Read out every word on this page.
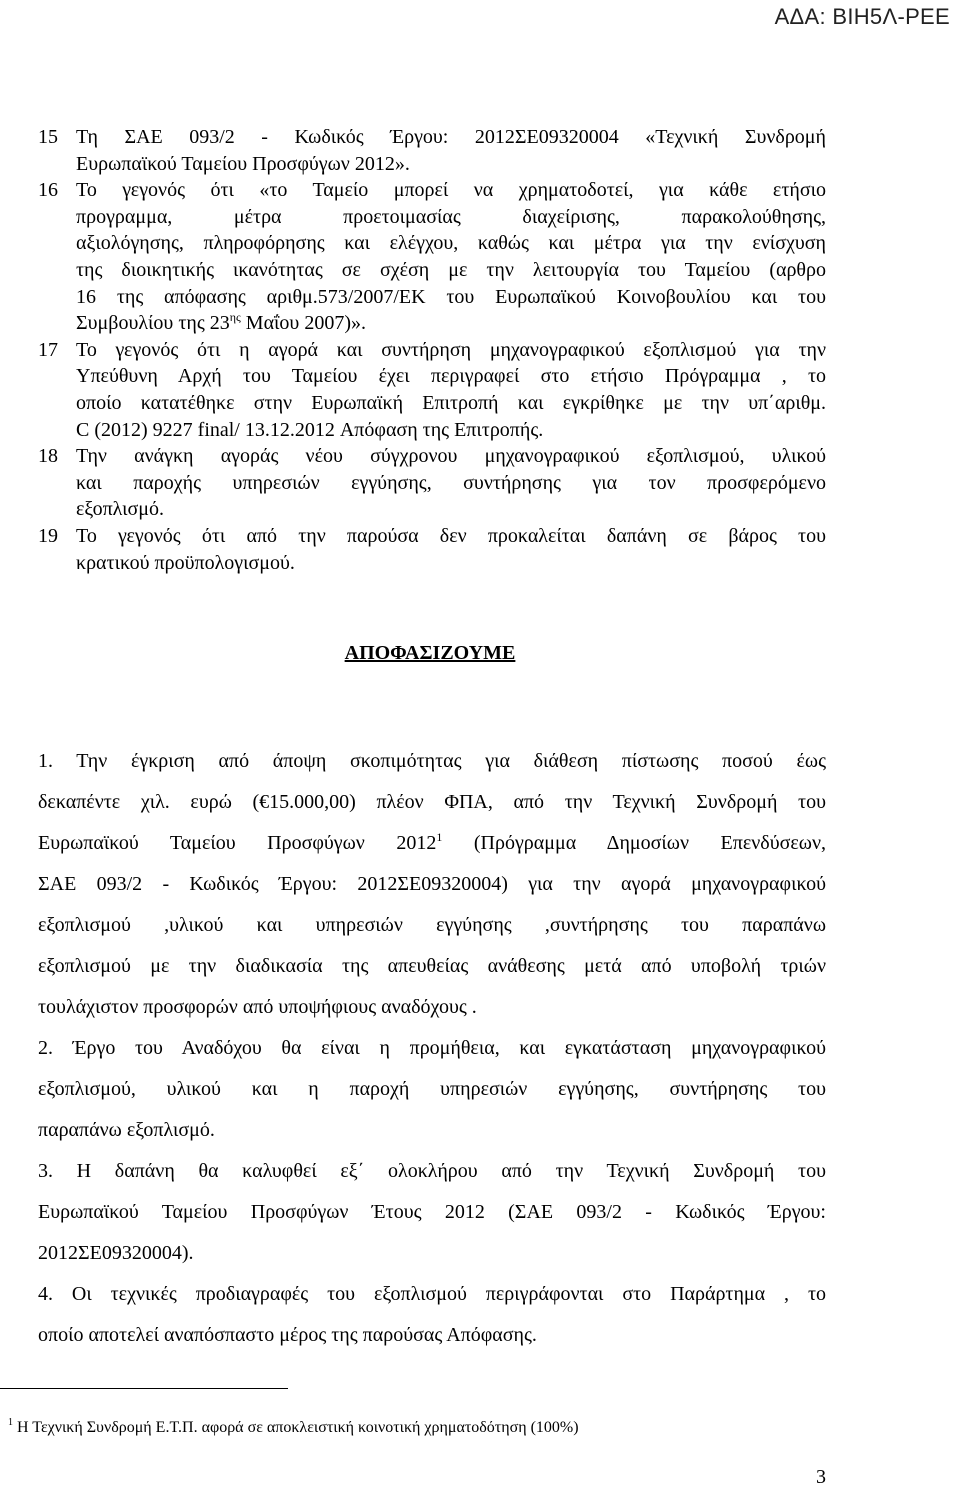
ΑΔΑ: ΒΙΗ5Λ-ΡΕΕ
15 Τη ΣΑΕ 093/2 - Κωδικός Έργου: 2012ΣΕ09320004 «Τεχνική Συνδρομή
Ευρωπαϊκού Ταμείου Προσφύγων 2012».
16 Το γεγονός ότι «το Ταμείο μπορεί να χρηματοδοτεί, για κάθε ετήσιο
προγραμμα, μέτρα προετοιμασίας διαχείρισης, παρακολούθησης,
αξιολόγησης, πληροφόρησης και ελέγχου, καθώς και μέτρα για την ενίσχυση
της διοικητικής ικανότητας σε σχέση με την λειτουργία του Ταμείου (αρθρο
16 της απόφασης αριθμ.573/2007/ΕΚ του Ευρωπαϊκού Κοινοβουλίου και του
Συμβουλίου της $23^{\eta\varsigma}$ Μαΐου 2007)».
17 Το γεγονός ότι η αγορά και συντήρηση μηχανογραφικού εξοπλισμού για την
Υπεύθυνη Αρχή του Ταμείου έχει περιγραφεί στο ετήσιο Πρόγραμμα , το
οποίο κατατέθηκε στην Ευρωπαϊκή Επιτροπή και εγκρίθηκε με την υπ΄αριθμ.
C (2012) 9227 final/ 13.12.2012 Απόφαση της Επιτροπής.
18 Την ανάγκη αγοράς νέου σύγχρονου μηχανογραφικού εξοπλισμού, υλικού
και παροχής υπηρεσιών εγγύησης, συντήρησης για τον προσφερόμενο
εξοπλισμό.
19 Το γεγονός ότι από την παρούσα δεν προκαλείται δαπάνη σε βάρος του
κρατικού προϋπολογισμού.
ΑΠΟΦΑΣΙΖΟΥΜΕ
1. Την έγκριση από άποψη σκοπιμότητας για διάθεση πίστωσης ποσού έως
δεκαπέντε χιλ. ευρώ (€15.000,00) πλέον ΦΠΑ, από την Τεχνική Συνδρομή του
Ευρωπαϊκού Ταμείου Προσφύγων 2012$^1$ (Πρόγραμμα Δημοσίων Επενδύσεων,
ΣΑΕ 093/2 - Κωδικός Έργου: 2012ΣΕ09320004) για την αγορά μηχανογραφικού
εξοπλισμού ,υλικού και υπηρεσιών εγγύησης ,συντήρησης του παραπάνω
εξοπλισμού με την διαδικασία της απευθείας ανάθεσης μετά από υποβολή τριών
τουλάχιστον προσφορών από υποψήφιους αναδόχους .
2. Έργο του Αναδόχου θα είναι η προμήθεια, και εγκατάσταση μηχανογραφικού
εξοπλισμού, υλικού και η παροχή υπηρεσιών εγγύησης, συντήρησης του
παραπάνω εξοπλισμό.
3. Η δαπάνη θα καλυφθεί εξ΄ ολοκλήρου από την Τεχνική Συνδρομή του
Ευρωπαϊκού Ταμείου Προσφύγων Έτους 2012 (ΣΑΕ 093/2 - Κωδικός Έργου:
2012ΣΕ09320004).
4. Οι τεχνικές προδιαγραφές του εξοπλισμού περιγράφονται στο Παράρτημα , το
οποίο αποτελεί αναπόσπαστο μέρος της παρούσας Απόφασης.
$^1$ Η Τεχνική Συνδρομή Ε.Τ.Π. αφορά σε αποκλειστική κοινοτική χρηματοδότηση (100%)
3
